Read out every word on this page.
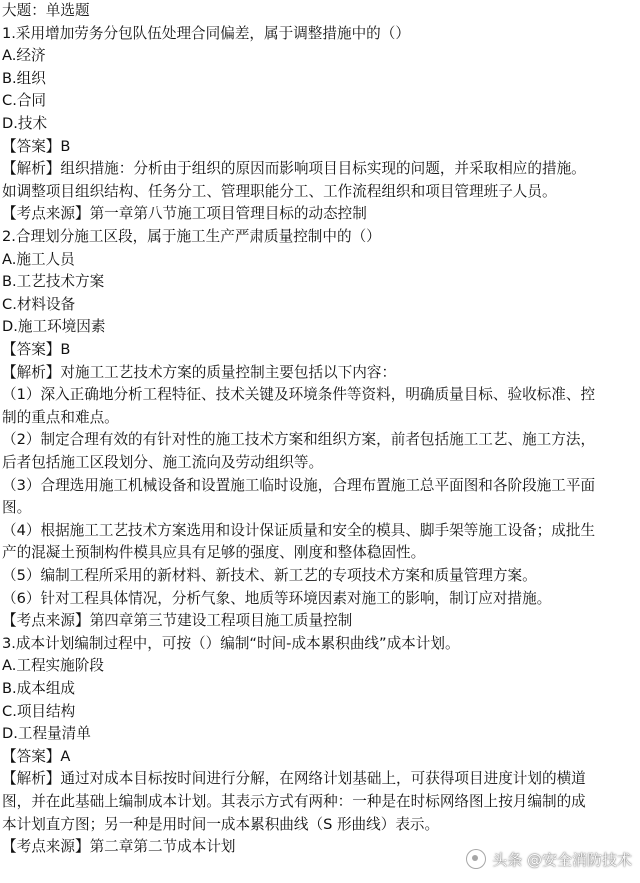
大题：单选题
1.采用增加劳务分包队伍处理合同偏差，属于调整措施中的（）
A.经济
B.组织
C.合同
D.技术
【答案】B
【解析】组织措施：分析由于组织的原因而影响项目目标实现的问题，并采取相应的措施。
如调整项目组织结构、任务分工、管理职能分工、工作流程组织和项目管理班子人员。
【考点来源】第一章第八节施工项目管理目标的动态控制
2.合理划分施工区段，属于施工生产严肃质量控制中的（）
A.施工人员
B.工艺技术方案
C.材料设备
D.施工环境因素
【答案】B
【解析】对施工工艺技术方案的质量控制主要包括以下内容：
（1）深入正确地分析工程特征、技术关键及环境条件等资料，明确质量目标、验收标准、控
制的重点和难点。
（2）制定合理有效的有针对性的施工技术方案和组织方案，前者包括施工工艺、施工方法，
后者包括施工区段划分、施工流向及劳动组织等。
（3）合理选用施工机械设备和设置施工临时设施，合理布置施工总平面图和各阶段施工平面
图。
（4）根据施工工艺技术方案选用和设计保证质量和安全的模具、脚手架等施工设备；成批生
产的混凝土预制构件模具应具有足够的强度、刚度和整体稳固性。
（5）编制工程所采用的新材料、新技术、新工艺的专项技术方案和质量管理方案。
（6）针对工程具体情况，分析气象、地质等环境因素对施工的影响，制订应对措施。
【考点来源】第四章第三节建设工程项目施工质量控制
3.成本计划编制过程中，可按（）编制“时间-成本累积曲线”成本计划。
A.工程实施阶段
B.成本组成
C.项目结构
D.工程量清单
【答案】A
【解析】通过对成本目标按时间进行分解，在网络计划基础上，可获得项目进度计划的横道
图，并在此基础上编制成本计划。其表示方式有两种：一种是在时标网络图上按月编制的成
本计划直方图；另一种是用时间一成本累积曲线（S 形曲线）表示。
【考点来源】第二章第二节成本计划
头条 @安全消防技术
